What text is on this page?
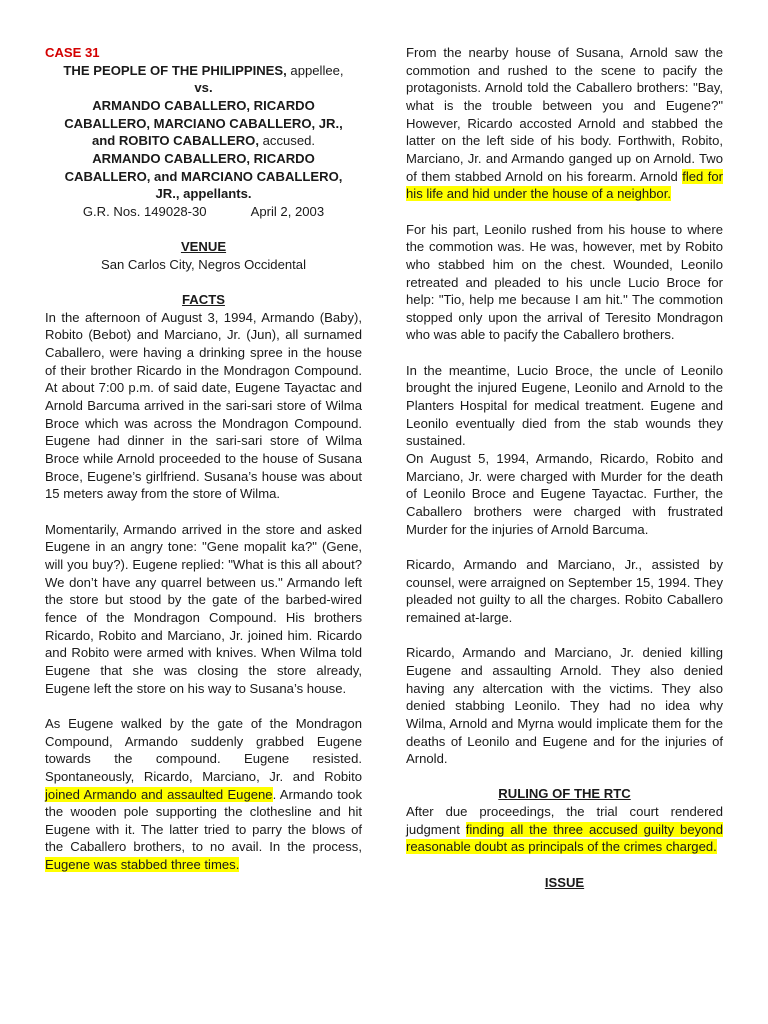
CASE 31

THE PEOPLE OF THE PHILIPPINES, appellee,

vs.

ARMANDO CABALLERO, RICARDO

CABALLERO, MARCIANO CABALLERO, JR.,

and ROBITO CABALLERO, accused.

ARMANDO CABALLERO, RICARDO

CABALLERO, and MARCIANO CABALLERO,

JR., appellants.

G.R. Nos. 149028-30	April 2, 2003

VENUE

San Carlos City, Negros Occidental

FACTS

In the afternoon of August 3, 1994, Armando (Baby), Robito (Bebot) and Marciano, Jr. (Jun), all surnamed Caballero, were having a drinking spree in the house of their brother Ricardo in the Mondragon Compound. At about 7:00 p.m. of said date, Eugene Tayactac and Arnold Barcuma arrived in the sari-sari store of Wilma Broce which was across the Mondragon Compound. Eugene had dinner in the sari-sari store of Wilma Broce while Arnold proceeded to the house of Susana Broce, Eugene’s girlfriend. Susana’s house was about 15 meters away from the store of Wilma.

Momentarily, Armando arrived in the store and asked Eugene in an angry tone: "Gene mopalit ka?" (Gene, will you buy?). Eugene replied: "What is this all about? We don’t have any quarrel between us." Armando left the store but stood by the gate of the barbed-wired fence of the Mondragon Compound. His brothers Ricardo, Robito and Marciano, Jr. joined him. Ricardo and Robito were armed with knives. When Wilma told Eugene that she was closing the store already, Eugene left the store on his way to Susana’s house.

As Eugene walked by the gate of the Mondragon Compound, Armando suddenly grabbed Eugene towards the compound. Eugene resisted. Spontaneously, Ricardo, Marciano, Jr. and Robito joined Armando and assaulted Eugene. Armando took the wooden pole supporting the clothesline and hit Eugene with it. The latter tried to parry the blows of the Caballero brothers, to no avail. In the process, Eugene was stabbed three times.

From the nearby house of Susana, Arnold saw the commotion and rushed to the scene to pacify the protagonists. Arnold told the Caballero brothers: "Bay, what is the trouble between you and Eugene?" However, Ricardo accosted Arnold and stabbed the latter on the left side of his body. Forthwith, Robito, Marciano, Jr. and Armando ganged up on Arnold. Two of them stabbed Arnold on his forearm. Arnold fled for his life and hid under the house of a neighbor.

For his part, Leonilo rushed from his house to where the commotion was. He was, however, met by Robito who stabbed him on the chest. Wounded, Leonilo retreated and pleaded to his uncle Lucio Broce for help: "Tio, help me because I am hit." The commotion stopped only upon the arrival of Teresito Mondragon who was able to pacify the Caballero brothers.

In the meantime, Lucio Broce, the uncle of Leonilo brought the injured Eugene, Leonilo and Arnold to the Planters Hospital for medical treatment. Eugene and Leonilo eventually died from the stab wounds they sustained.

On August 5, 1994, Armando, Ricardo, Robito and Marciano, Jr. were charged with Murder for the death of Leonilo Broce and Eugene Tayactac. Further, the Caballero brothers were charged with frustrated Murder for the injuries of Arnold Barcuma.

Ricardo, Armando and Marciano, Jr., assisted by counsel, were arraigned on September 15, 1994. They pleaded not guilty to all the charges. Robito Caballero remained at-large.

Ricardo, Armando and Marciano, Jr. denied killing Eugene and assaulting Arnold. They also denied having any altercation with the victims. They also denied stabbing Leonilo. They had no idea why Wilma, Arnold and Myrna would implicate them for the deaths of Leonilo and Eugene and for the injuries of Arnold.

RULING OF THE RTC

After due proceedings, the trial court rendered judgment finding all the three accused guilty beyond reasonable doubt as principals of the crimes charged.

ISSUE
